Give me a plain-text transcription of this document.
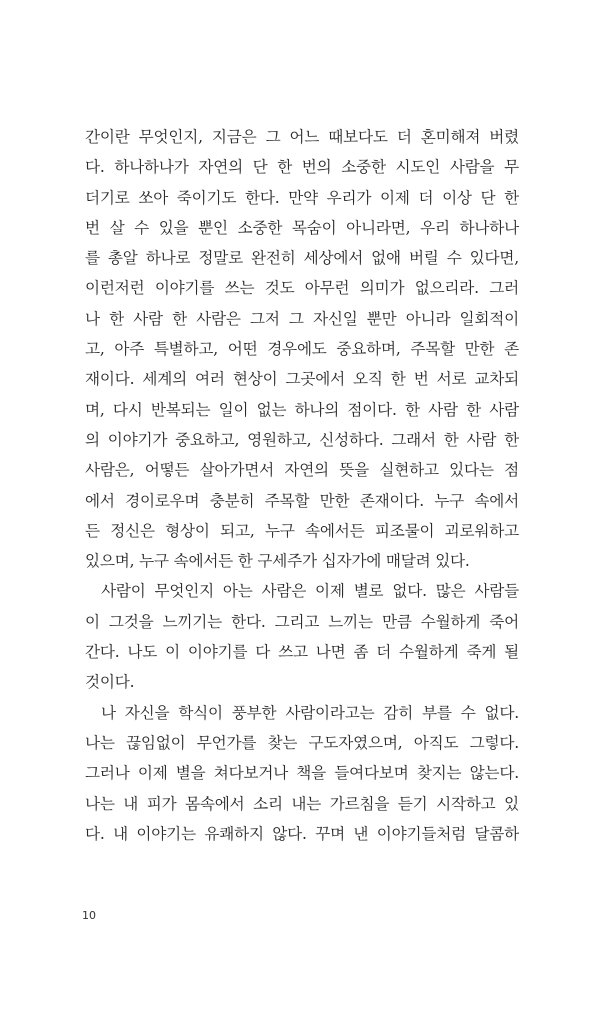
간이란 무엇인지, 지금은 그 어느 때보다도 더 혼미해져 버렸
다. 하나하나가 자연의 단 한 번의 소중한 시도인 사람을 무
더기로 쏘아 죽이기도 한다. 만약 우리가 이제 더 이상 단 한
번 살 수 있을 뿐인 소중한 목숨이 아니라면, 우리 하나하나
를 총알 하나로 정말로 완전히 세상에서 없애 버릴 수 있다면,
이런저런 이야기를 쓰는 것도 아무런 의미가 없으리라. 그러
나 한 사람 한 사람은 그저 그 자신일 뿐만 아니라 일회적이
고, 아주 특별하고, 어떤 경우에도 중요하며, 주목할 만한 존
재이다. 세계의 여러 현상이 그곳에서 오직 한 번 서로 교차되
며, 다시 반복되는 일이 없는 하나의 점이다. 한 사람 한 사람
의 이야기가 중요하고, 영원하고, 신성하다. 그래서 한 사람 한
사람은, 어떻든 살아가면서 자연의 뜻을 실현하고 있다는 점
에서 경이로우며 충분히 주목할 만한 존재이다. 누구 속에서
든 정신은 형상이 되고, 누구 속에서든 피조물이 괴로워하고
있으며, 누구 속에서든 한 구세주가 십자가에 매달려 있다.
사람이 무엇인지 아는 사람은 이제 별로 없다. 많은 사람들
이 그것을 느끼기는 한다. 그리고 느끼는 만큼 수월하게 죽어
간다. 나도 이 이야기를 다 쓰고 나면 좀 더 수월하게 죽게 될
것이다.
나 자신을 학식이 풍부한 사람이라고는 감히 부를 수 없다.
나는 끊임없이 무언가를 찾는 구도자였으며, 아직도 그렇다.
그러나 이제 별을 쳐다보거나 책을 들여다보며 찾지는 않는다.
나는 내 피가 몸속에서 소리 내는 가르침을 듣기 시작하고 있
다. 내 이야기는 유쾌하지 않다. 꾸며 낸 이야기들처럼 달콤하
10
